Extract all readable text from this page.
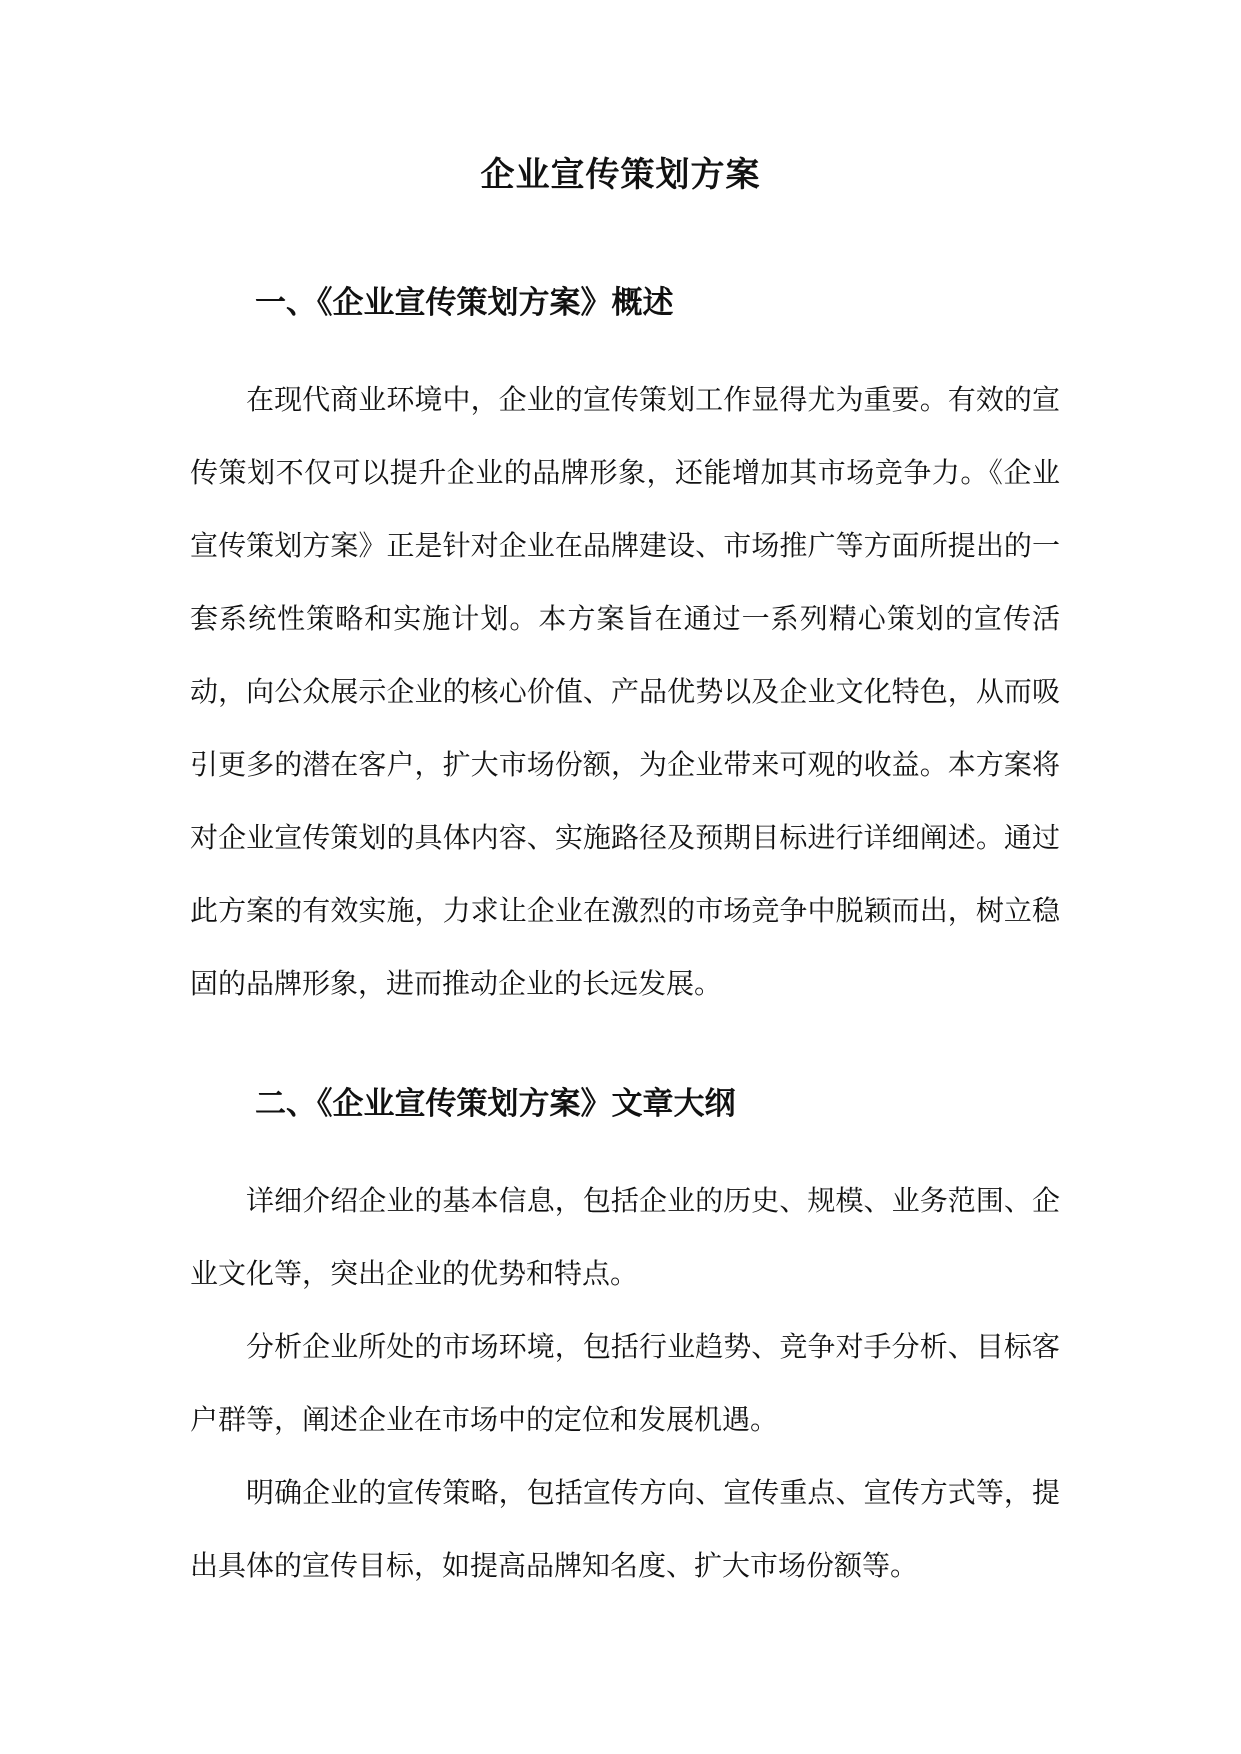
企业宣传策划方案
一、《企业宣传策划方案》概述

在现代商业环境中，企业的宣传策划工作显得尤为重要。有效的宣传策划不仅可以提升企业的品牌形象，还能增加其市场竞争力。《企业宣传策划方案》正是针对企业在品牌建设、市场推广等方面所提出的一套系统性策略和实施计划。本方案旨在通过一系列精心策划的宣传活动，向公众展示企业的核心价值、产品优势以及企业文化特色，从而吸引更多的潜在客户，扩大市场份额，为企业带来可观的收益。本方案将对企业宣传策划的具体内容、实施路径及预期目标进行详细阐述。通过此方案的有效实施，力求让企业在激烈的市场竞争中脱颖而出，树立稳固的品牌形象，进而推动企业的长远发展。

二、《企业宣传策划方案》文章大纲

详细介绍企业的基本信息，包括企业的历史、规模、业务范围、企业文化等，突出企业的优势和特点。

分析企业所处的市场环境，包括行业趋势、竞争对手分析、目标客户群等，阐述企业在市场中的定位和发展机遇。

明确企业的宣传策略，包括宣传方向、宣传重点、宣传方式等，提出具体的宣传目标，如提高品牌知名度、扩大市场份额等。
